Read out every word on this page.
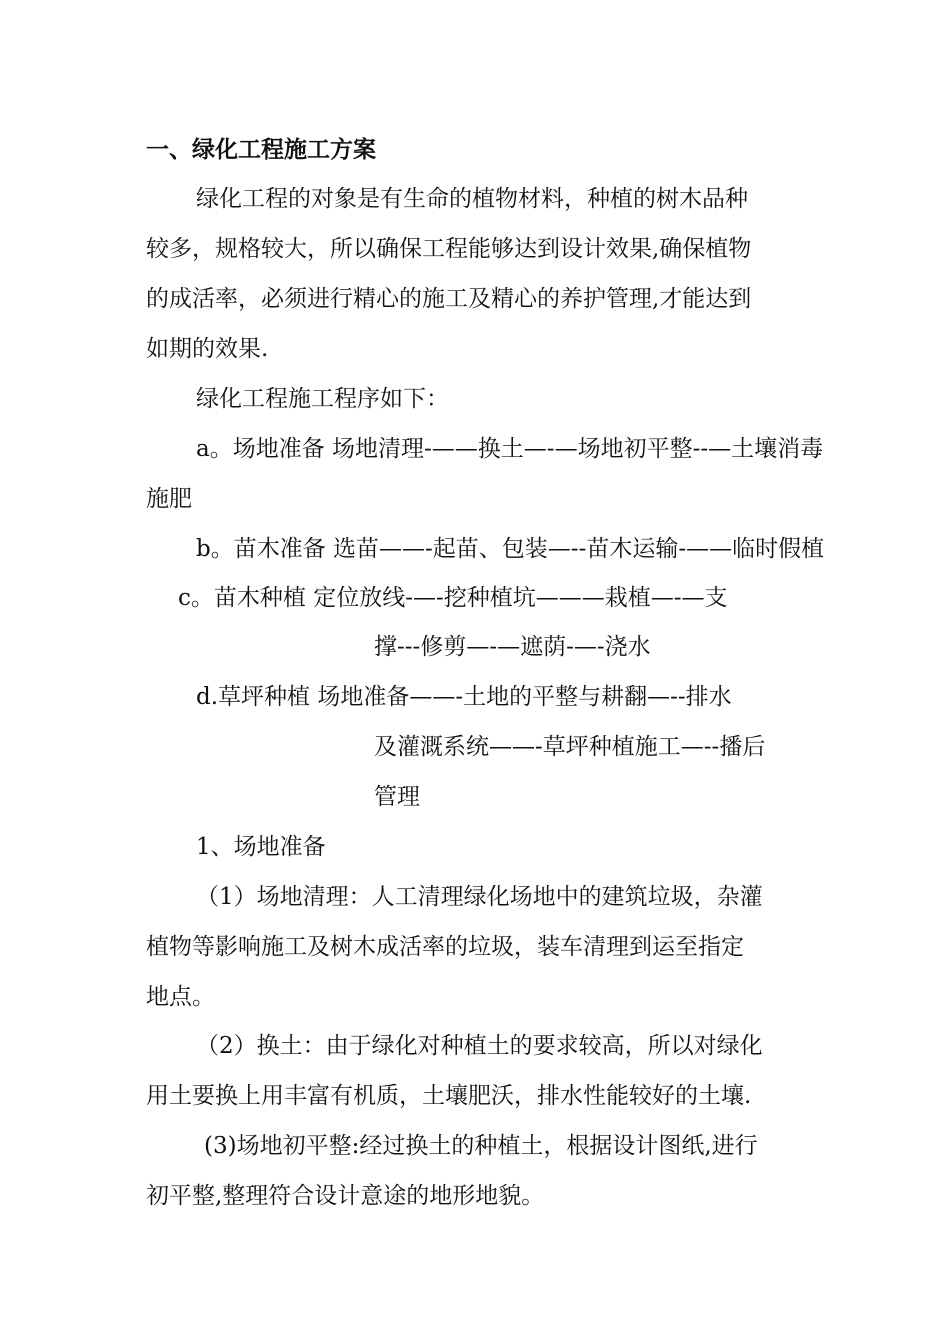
一、绿化工程施工方案
绿化工程的对象是有生命的植物材料，种植的树木品种
较多，规格较大，所以确保工程能够达到设计效果,确保植物
的成活率，必须进行精心的施工及精心的养护管理,才能达到
如期的效果.
绿化工程施工程序如下：
a。场地准备 场地清理-——换土—-—场地初平整--—土壤消毒
施肥
b。苗木准备 选苗——-起苗、包装—--苗木运输-——临时假植
c。苗木种植 定位放线-—-挖种植坑———栽植—-—支
撑---修剪—-—遮荫-—-浇水
d.草坪种植 场地准备——-土地的平整与耕翻—--排水
及灌溉系统——-草坪种植施工—--播后
管理
1、场地准备
（1）场地清理：人工清理绿化场地中的建筑垃圾，杂灌
植物等影响施工及树木成活率的垃圾，装车清理到运至指定
地点。
（2）换土：由于绿化对种植土的要求较高，所以对绿化
用土要换上用丰富有机质，土壤肥沃，排水性能较好的土壤.
(3)场地初平整:经过换土的种植土，根据设计图纸,进行
初平整,整理符合设计意途的地形地貌。
